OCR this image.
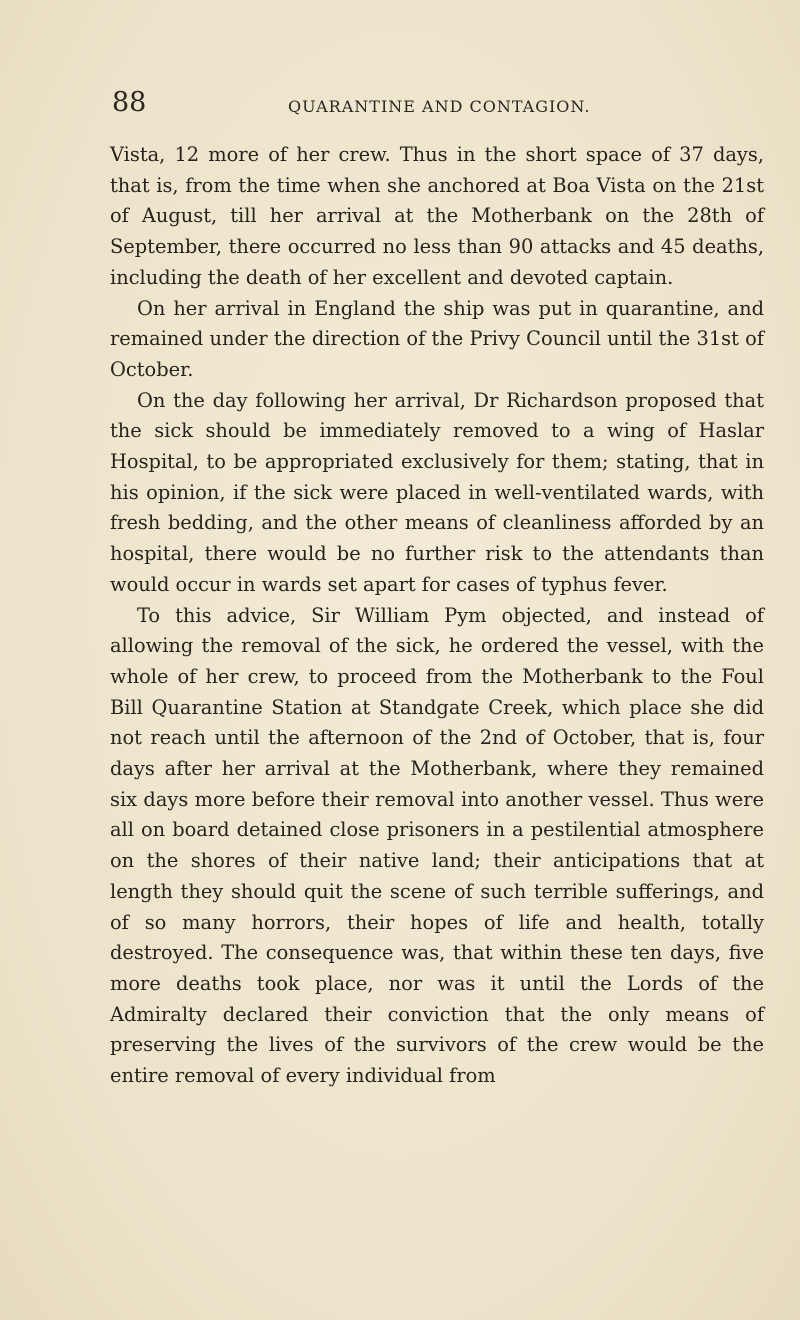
88	QUARANTINE AND CONTAGION.

Vista, 12 more of her crew. Thus in the short space of 37 days, that is, from the time when she anchored at Boa Vista on the 21st of August, till her arrival at the Motherbank on the 28th of September, there occurred no less than 90 attacks and 45 deaths, including the death of her excellent and devoted captain.

On her arrival in England the ship was put in quarantine, and remained under the direction of the Privy Council until the 31st of October.

On the day following her arrival, Dr Richardson proposed that the sick should be immediately removed to a wing of Haslar Hospital, to be appropriated exclusively for them; stating, that in his opinion, if the sick were placed in well-ventilated wards, with fresh bedding, and the other means of cleanliness afforded by an hospital, there would be no further risk to the attendants than would occur in wards set apart for cases of typhus fever.

To this advice, Sir William Pym objected, and instead of allowing the removal of the sick, he ordered the vessel, with the whole of her crew, to proceed from the Motherbank to the Foul Bill Quarantine Station at Standgate Creek, which place she did not reach until the afternoon of the 2nd of October, that is, four days after her arrival at the Motherbank, where they remained six days more before their removal into another vessel. Thus were all on board detained close prisoners in a pestilential atmosphere on the shores of their native land; their anticipations that at length they should quit the scene of such terrible sufferings, and of so many horrors, their hopes of life and health, totally destroyed. The consequence was, that within these ten days, five more deaths took place, nor was it until the Lords of the Admiralty declared their conviction that the only means of preserving the lives of the survivors of the crew would be the entire removal of every individual from
